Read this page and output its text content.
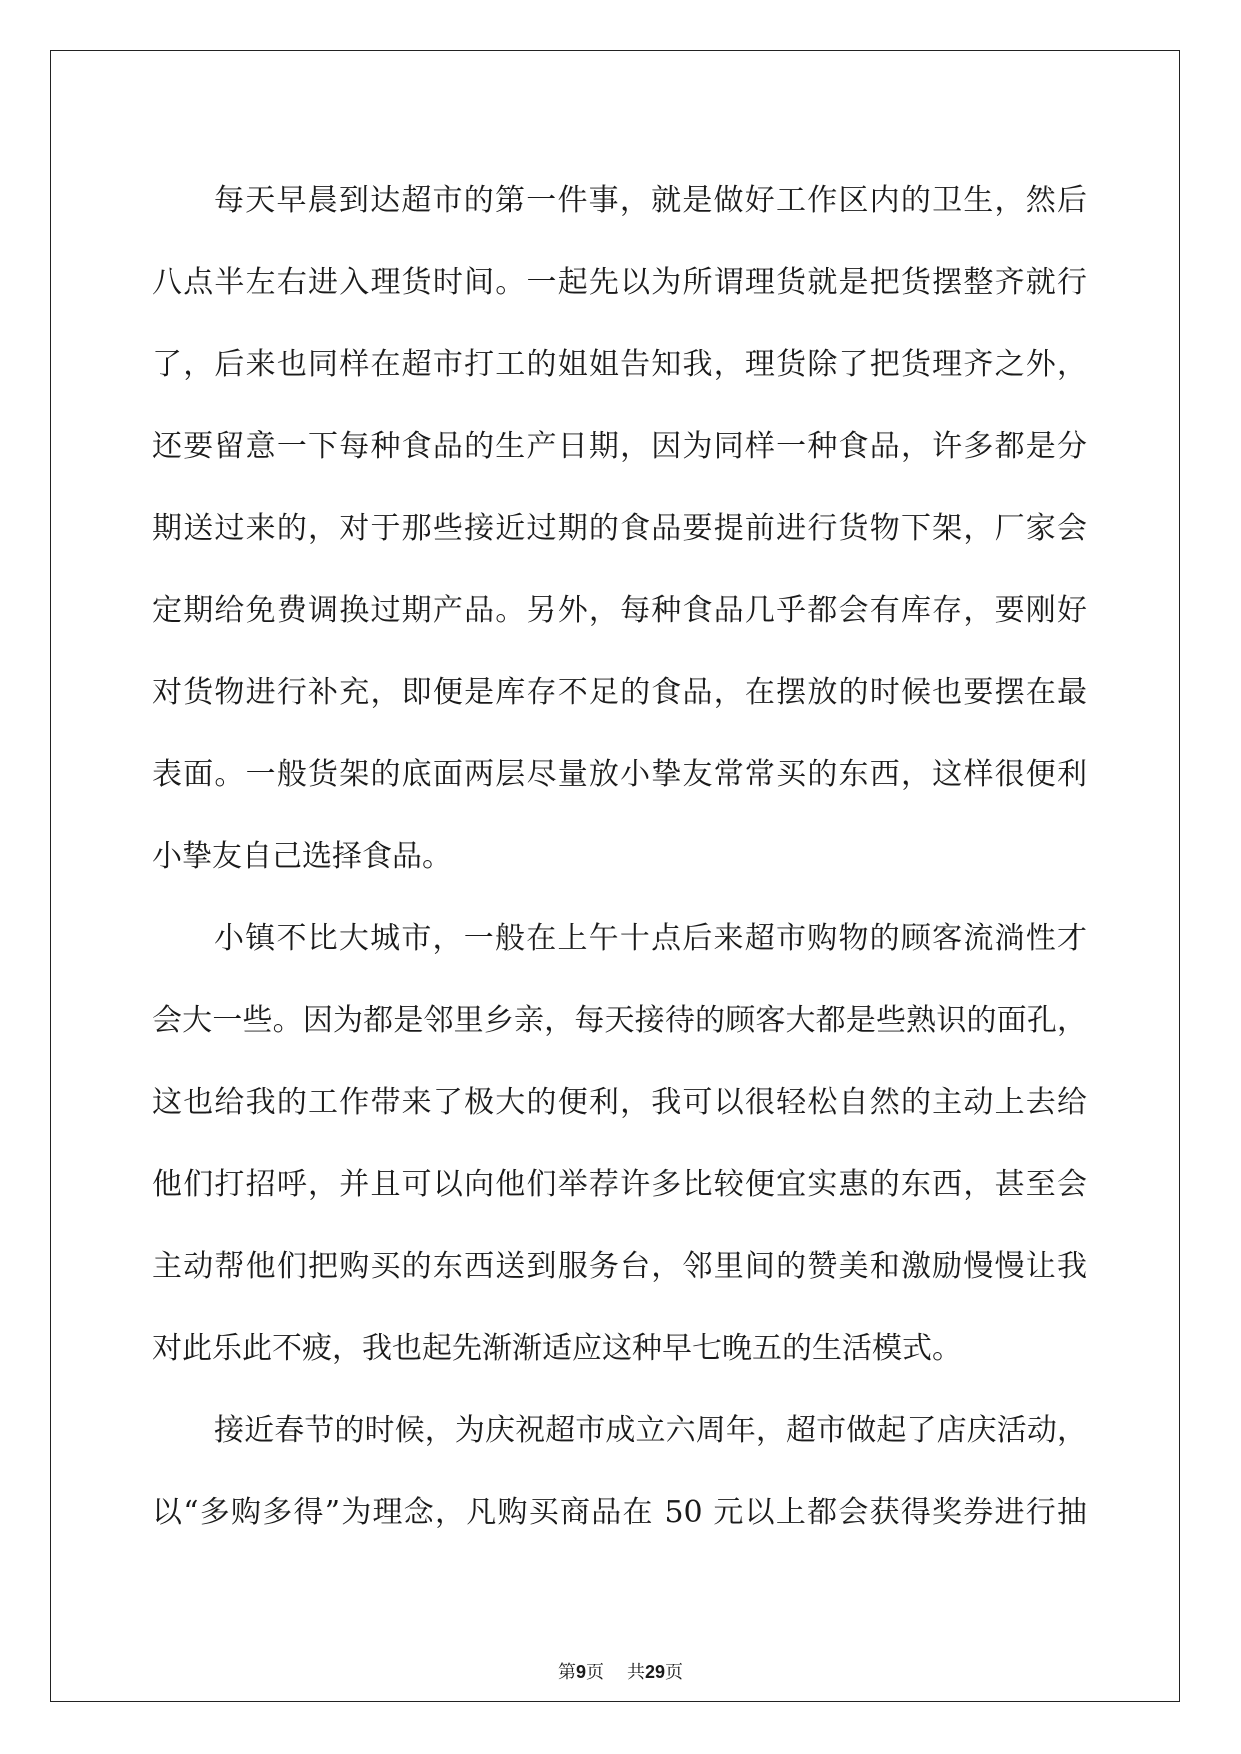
每天早晨到达超市的第一件事，就是做好工作区内的卫生，然后
八点半左右进入理货时间。一起先以为所谓理货就是把货摆整齐就行
了，后来也同样在超市打工的姐姐告知我，理货除了把货理齐之外，
还要留意一下每种食品的生产日期，因为同样一种食品，许多都是分
期送过来的，对于那些接近过期的食品要提前进行货物下架，厂家会
定期给免费调换过期产品。另外，每种食品几乎都会有库存，要刚好
对货物进行补充，即便是库存不足的食品，在摆放的时候也要摆在最
表面。一般货架的底面两层尽量放小挚友常常买的东西，这样很便利
小挚友自己选择食品。
小镇不比大城市，一般在上午十点后来超市购物的顾客流淌性才
会大一些。因为都是邻里乡亲，每天接待的顾客大都是些熟识的面孔，
这也给我的工作带来了极大的便利，我可以很轻松自然的主动上去给
他们打招呼，并且可以向他们举荐许多比较便宜实惠的东西，甚至会
主动帮他们把购买的东西送到服务台，邻里间的赞美和激励慢慢让我
对此乐此不疲，我也起先渐渐适应这种早七晚五的生活模式。
接近春节的时候，为庆祝超市成立六周年，超市做起了店庆活动，
以“多购多得”为理念，凡购买商品在 50 元以上都会获得奖券进行抽
第9页 共29页
